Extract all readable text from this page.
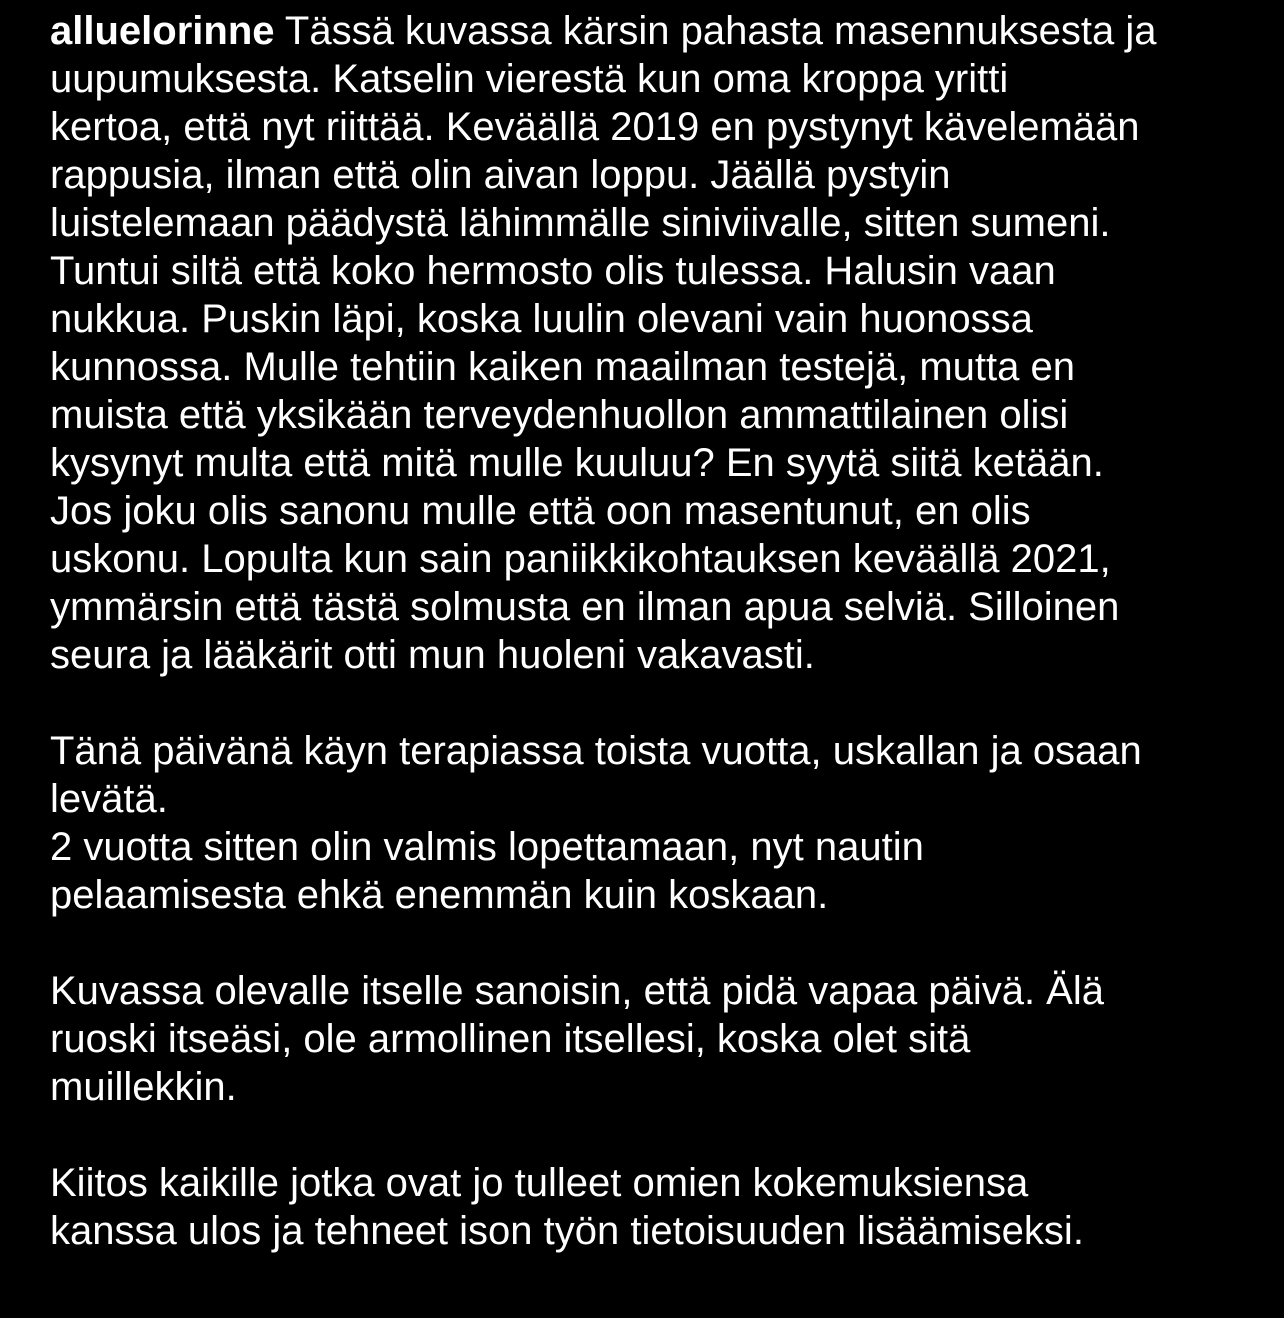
alluelorinne Tässä kuvassa kärsin pahasta masennuksesta ja
uupumuksesta. Katselin vierestä kun oma kroppa yritti
kertoa, että nyt riittää. Keväällä 2019 en pystynyt kävelemään
rappusia, ilman että olin aivan loppu. Jäällä pystyin
luistelemaan päädystä lähimmälle siniviivalle, sitten sumeni.
Tuntui siltä että koko hermosto olis tulessa. Halusin vaan
nukkua. Puskin läpi, koska luulin olevani vain huonossa
kunnossa. Mulle tehtiin kaiken maailman testejä, mutta en
muista että yksikään terveydenhuollon ammattilainen olisi
kysynyt multa että mitä mulle kuuluu? En syytä siitä ketään.
Jos joku olis sanonu mulle että oon masentunut, en olis
uskonu. Lopulta kun sain paniikkikohtauksen keväällä 2021,
ymmärsin että tästä solmusta en ilman apua selviä. Silloinen
seura ja lääkärit otti mun huoleni vakavasti.
Tänä päivänä käyn terapiassa toista vuotta, uskallan ja osaan
levätä.
2 vuotta sitten olin valmis lopettamaan, nyt nautin
pelaamisesta ehkä enemmän kuin koskaan.
Kuvassa olevalle itselle sanoisin, että pidä vapaa päivä. Älä
ruoski itseäsi, ole armollinen itsellesi, koska olet sitä
muillekkin.
Kiitos kaikille jotka ovat jo tulleet omien kokemuksiensa
kanssa ulos ja tehneet ison työn tietoisuuden lisäämiseksi.
